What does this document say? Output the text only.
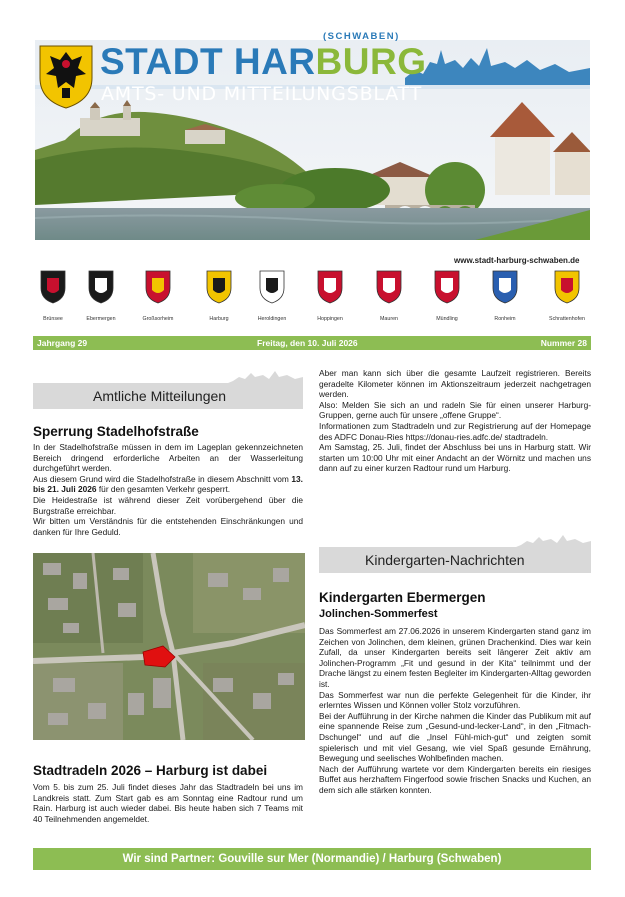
(SCHWABEN)
STADT HARBURG
AMTS- UND MITTEILUNGSBLATT
www.stadt-harburg-schwaben.de
Brünsee	Ebermergen	Großsorheim	Harburg	Heroldingen	Hoppingen	Mauren	Mündling	Ronheim	Schrattenhofen
Jahrgang 29	Freitag, den 10. Juli 2026	Nummer 28
Amtliche Mitteilungen
Sperrung Stadelhofstraße

In der Stadelhofstraße müssen in dem im Lageplan gekennzeichneten Bereich dringend erforderliche Arbeiten an der Wasserleitung durchgeführt werden.

Aus diesem Grund wird die Stadelhofstraße in diesem Abschnitt vom 13. bis 21. Juli 2026 für den gesamten Verkehr gesperrt.

Die Heidestraße ist während dieser Zeit vorübergehend über die Burgstraße erreichbar.

Wir bitten um Verständnis für die entstehenden Einschränkungen und danken für Ihre Geduld.

Stadtradeln 2026 – Harburg ist dabei

Vom 5. bis zum 25. Juli findet dieses Jahr das Stadtradeln bei uns im Landkreis statt. Zum Start gab es am Sonntag eine Radtour rund um Rain. Harburg ist auch wieder dabei. Bis heute haben sich 7 Teams mit 40 Teilnehmenden angemeldet.

Aber man kann sich über die gesamte Laufzeit registrieren. Bereits geradelte Kilometer können im Aktionszeitraum jederzeit nachgetragen werden.

Also: Melden Sie sich an und radeln Sie für einen unserer Harburg-Gruppen, gerne auch für unsere „offene Gruppe“.

Informationen zum Stadtradeln und zur Registrierung auf der Homepage des ADFC Donau-Ries https://donau-ries.adfc.de/ stadtradeln.

Am Samstag, 25. Juli, findet der Abschluss bei uns in Harburg statt. Wir starten um 10:00 Uhr mit einer Andacht an der Wörnitz und machen uns dann auf zu einer kurzen Radtour rund um Harburg.

Kindergarten-Nachrichten
Kindergarten Ebermergen
Jolinchen-Sommerfest

Das Sommerfest am 27.06.2026 in unserem Kindergarten stand ganz im Zeichen von Jolinchen, dem kleinen, grünen Drachenkind. Dies war kein Zufall, da unser Kindergarten bereits seit längerer Zeit aktiv am Jolinchen-Programm „Fit und gesund in der Kita“ teilnimmt und der Drache längst zu einem festen Begleiter im Kindergarten-Alltag geworden ist.

Das Sommerfest war nun die perfekte Gelegenheit für die Kinder, ihr erlerntes Wissen und Können voller Stolz vorzuführen.

Bei der Aufführung in der Kirche nahmen die Kinder das Publikum mit auf eine spannende Reise zum „Gesund-und-lecker-Land“, in den „Fitmach-Dschungel“ und auf die „Insel Fühl-mich-gut“ und zeigten somit spielerisch und mit viel Gesang, wie viel Spaß gesunde Ernährung, Bewegung und seelisches Wohlbefinden machen.

Nach der Aufführung wartete vor dem Kindergarten bereits ein riesiges Buffet aus herzhaftem Fingerfood sowie frischen Snacks und Kuchen, an dem sich alle stärken konnten.

Wir sind Partner: Gouville sur Mer (Normandie) / Harburg (Schwaben)
